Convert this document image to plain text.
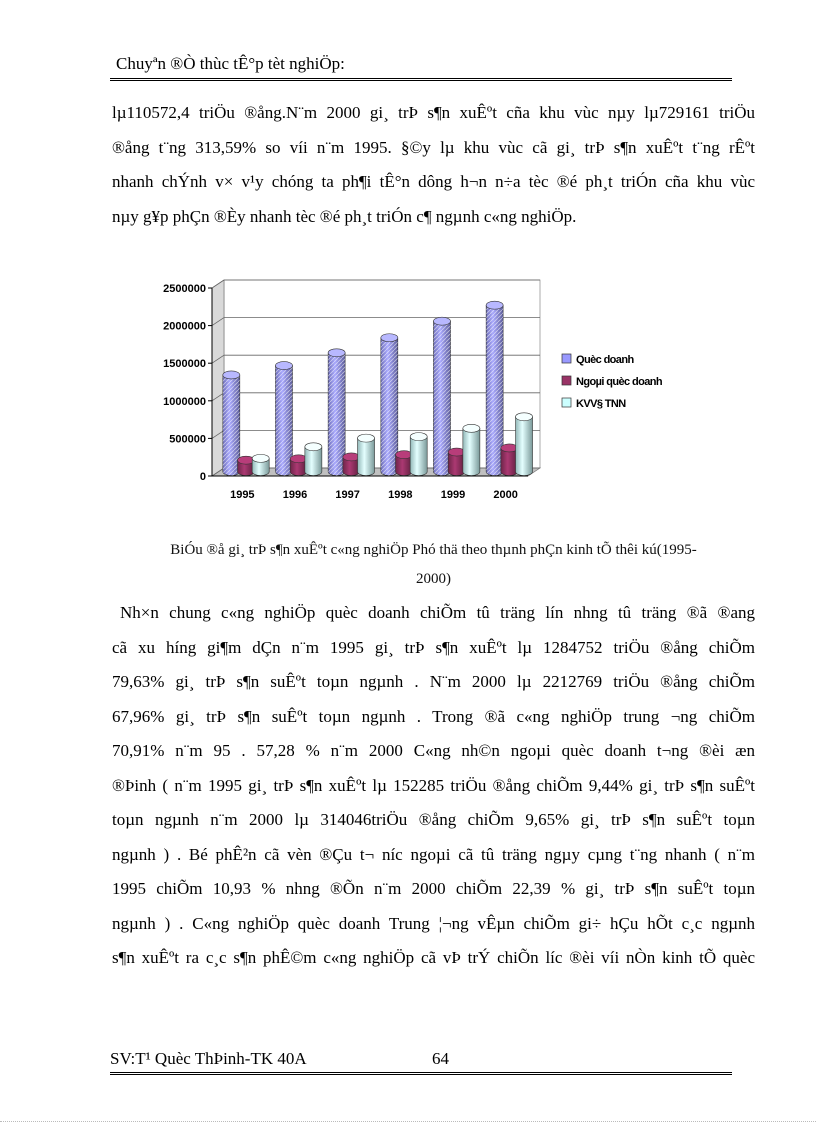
Chuyªn ®Ò thùc tÊ°p tèt nghiÖp:

lµ110572,4 triÖu ®ång.N¨m 2000 gi¸ trÞ s¶n xuÊºt cña khu vùc nµy lµ729161 triÖu

®ång t¨ng 313,59% so víi n¨m 1995. §©y lµ khu vùc cã gi¸ trÞ s¶n xuÊºt t¨ng rÊºt

nhanh chÝnh v× v¹y chóng ta ph¶i tÊ°n dông h¬n n÷a tèc ®é ph¸t triÓn cña khu vùc

nµy g¥p phÇn ®Èy nhanh tèc ®é ph¸t triÓn c¶ ngµnh c«ng nghiÖp.

2500000
2000000
1500000
1000000
500000
0
1995	1996	1997	1998	1999	2000
Quèc doanh
Ngoµi quèc doanh
KVV§ TNN
BiÓu ®å gi¸ trÞ s¶n xuÊºt c«ng nghiÖp Phó thä theo thµnh phÇn kinh tÕ thêi kú(1995-
2000)

Nh×n chung c«ng nghiÖp quèc doanh chiÕm tû träng lín nhng tû träng ®ã ®ang

cã xu híng gi¶m dÇn n¨m 1995 gi¸ trÞ s¶n xuÊºt lµ 1284752 triÖu ®ång chiÕm

79,63% gi¸ trÞ s¶n suÊºt toµn ngµnh . N¨m 2000 lµ 2212769 triÖu ®ång chiÕm

67,96% gi¸ trÞ s¶n suÊºt toµn ngµnh . Trong ®ã c«ng nghiÖp trung ¬ng chiÕm

70,91% n¨m 95 . 57,28 % n¨m 2000 C«ng nh©n ngoµi quèc doanh t¬ng ®èi æn

®Þinh ( n¨m 1995 gi¸ trÞ s¶n xuÊºt lµ 152285 triÖu ®ång chiÕm 9,44% gi¸ trÞ s¶n suÊºt

toµn ngµnh n¨m 2000 lµ 314046triÖu ®ång chiÕm 9,65% gi¸ trÞ s¶n suÊºt toµn

ngµnh ) . Bé phÊ²n cã vèn ®Çu t¬ níc ngoµi cã tû träng ngµy cµng t¨ng nhanh ( n¨m

1995 chiÕm 10,93 % nhng ®Õn n¨m 2000 chiÕm 22,39 % gi¸ trÞ s¶n suÊºt toµn

ngµnh ) . C«ng nghiÖp quèc doanh Trung ¦¬ng vÊµn chiÕm gi÷ hÇu hÕt c¸c ngµnh

s¶n xuÊºt ra c¸c s¶n phÊ©m c«ng nghiÖp cã vÞ trÝ chiÕn líc ®èi víi nÒn kinh tÕ quèc

SV:T¹ Quèc ThÞinh-TK 40A	64
